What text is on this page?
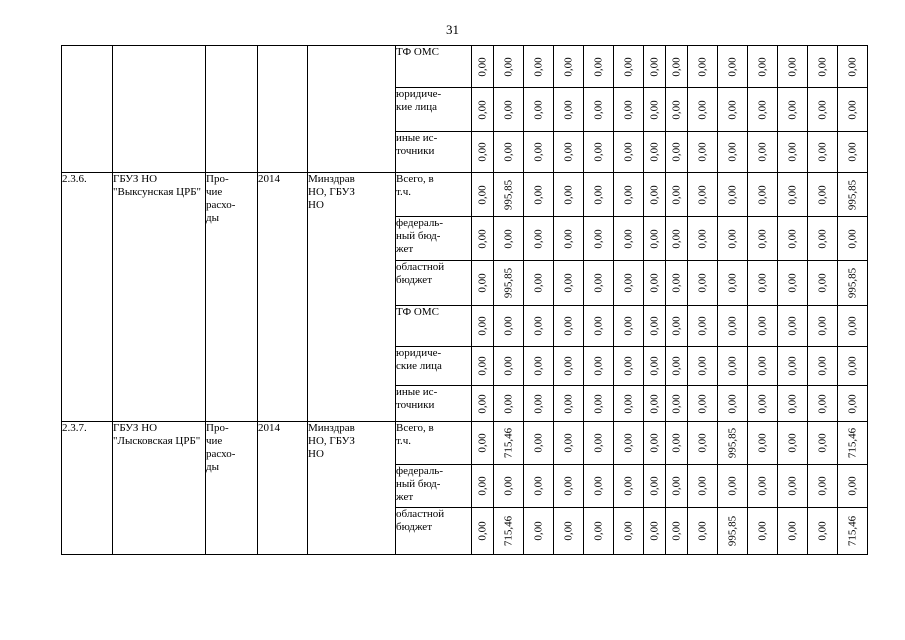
31
					ТФ ОМС	0,00	0,00	0,00	0,00	0,00	0,00	0,00	0,00	0,00	0,00	0,00	0,00	0,00	0,00

					юридиче-
кие лица	0,00	0,00	0,00	0,00	0,00	0,00	0,00	0,00	0,00	0,00	0,00	0,00	0,00	0,00

					иные ис-
точники	0,00	0,00	0,00	0,00	0,00	0,00	0,00	0,00	0,00	0,00	0,00	0,00	0,00	0,00

2.3.6.	ГБУЗ НО "Выксунская ЦРБ"	Про-
чие
расхо-
ды	2014	Минздрав
НО, ГБУЗ
НО	Всего, в
т.ч.	0,00	995,85	0,00	0,00	0,00	0,00	0,00	0,00	0,00	0,00	0,00	0,00	0,00	995,85

					федераль-
ный бюд-
жет	0,00	0,00	0,00	0,00	0,00	0,00	0,00	0,00	0,00	0,00	0,00	0,00	0,00	0,00

					областной
бюджет	0,00	995,85	0,00	0,00	0,00	0,00	0,00	0,00	0,00	0,00	0,00	0,00	0,00	995,85

					ТФ ОМС	0,00	0,00	0,00	0,00	0,00	0,00	0,00	0,00	0,00	0,00	0,00	0,00	0,00	0,00

					юридиче-
ские лица	0,00	0,00	0,00	0,00	0,00	0,00	0,00	0,00	0,00	0,00	0,00	0,00	0,00	0,00

					иные ис-
точники	0,00	0,00	0,00	0,00	0,00	0,00	0,00	0,00	0,00	0,00	0,00	0,00	0,00	0,00

2.3.7.	ГБУЗ НО "Лысковская ЦРБ"	Про-
чие
расхо-
ды	2014	Минздрав
НО, ГБУЗ
НО	Всего, в
т.ч.	0,00	715,46	0,00	0,00	0,00	0,00	0,00	0,00	0,00	995,85	0,00	0,00	0,00	715,46

					федераль-
ный бюд-
жет	0,00	0,00	0,00	0,00	0,00	0,00	0,00	0,00	0,00	0,00	0,00	0,00	0,00	0,00

					областной
бюджет	0,00	715,46	0,00	0,00	0,00	0,00	0,00	0,00	0,00	995,85	0,00	0,00	0,00	715,46
